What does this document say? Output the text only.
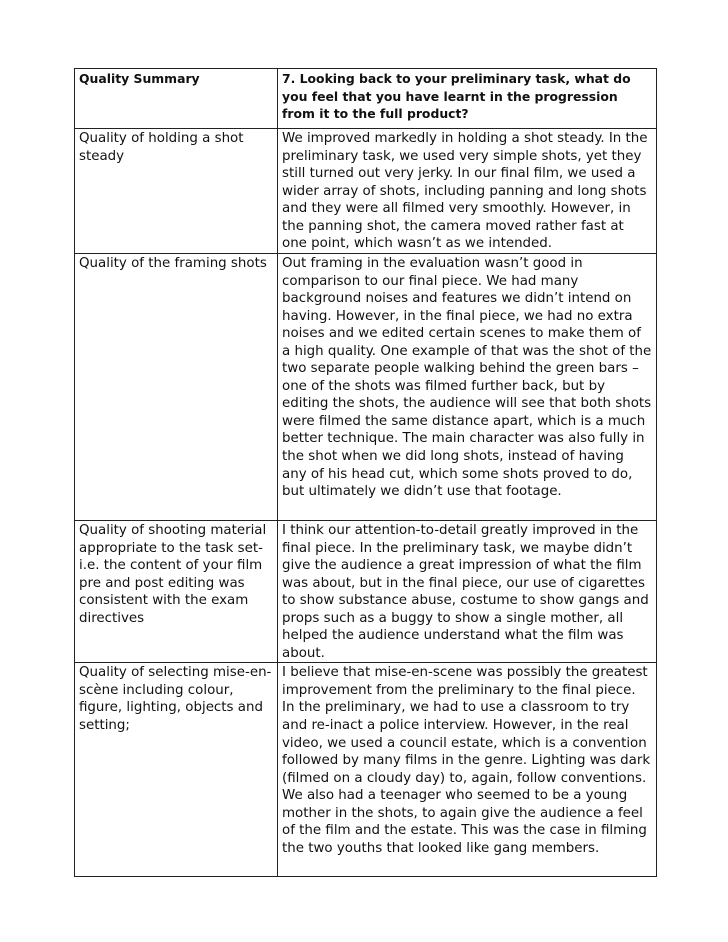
Quality Summary	7. Looking back to your preliminary task, what do you feel that you have learnt in the progression from it to the full product?
Quality of holding a shot steady	We improved markedly in holding a shot steady. In the preliminary task, we used very simple shots, yet they still turned out very jerky. In our final film, we used a wider array of shots, including panning and long shots and they were all filmed very smoothly. However, in the panning shot, the camera moved rather fast at one point, which wasn’t as we intended.
Quality of the framing shots	Out framing in the evaluation wasn’t good in comparison to our final piece. We had many background noises and features we didn’t intend on having. However, in the final piece, we had no extra noises and we edited certain scenes to make them of a high quality. One example of that was the shot of the two separate people walking behind the green bars – one of the shots was filmed further back, but by editing the shots, the audience will see that both shots were filmed the same distance apart, which is a much better technique. The main character was also fully in the shot when we did long shots, instead of having any of his head cut, which some shots proved to do, but ultimately we didn’t use that footage.
Quality of shooting material appropriate to the task set- i.e. the content of your film pre and post editing was consistent with the exam directives	I think our attention-to-detail greatly improved in the final piece. In the preliminary task, we maybe didn’t give the audience a great impression of what the film was about, but in the final piece, our use of cigarettes to show substance abuse, costume to show gangs and props such as a buggy to show a single mother, all helped the audience understand what the film was about.
Quality of selecting mise-en-scène including colour, figure, lighting, objects and setting;	I believe that mise-en-scene was possibly the greatest improvement from the preliminary to the final piece. In the preliminary, we had to use a classroom to try and re-inact a police interview. However, in the real video, we used a council estate, which is a convention followed by many films in the genre. Lighting was dark (filmed on a cloudy day) to, again, follow conventions. We also had a teenager who seemed to be a young mother in the shots, to again give the audience a feel of the film and the estate. This was the case in filming the two youths that looked like gang members.
